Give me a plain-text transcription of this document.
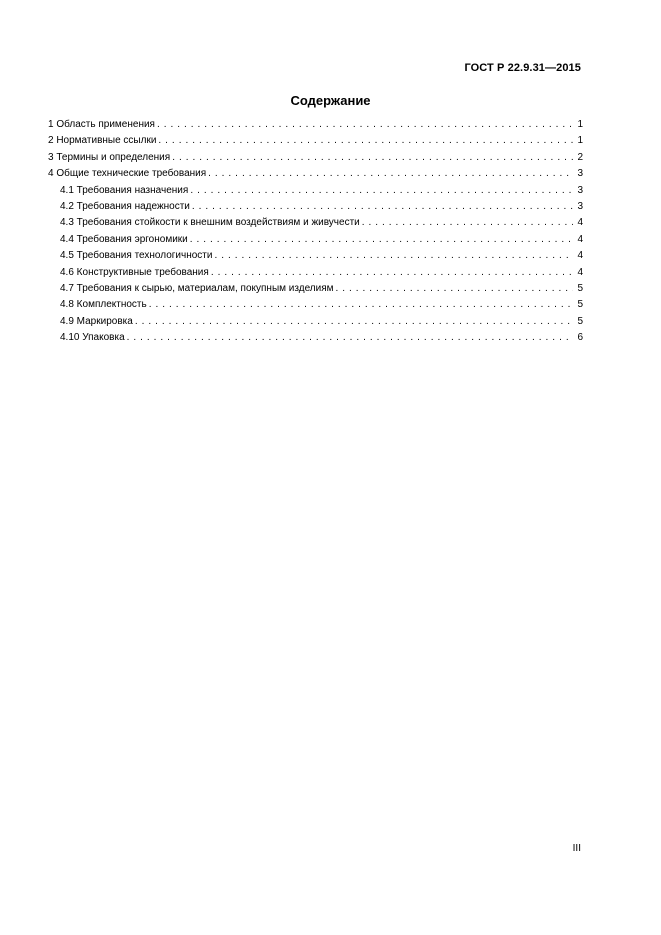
ГОСТ Р 22.9.31—2015
Содержание
1 Область применения . . .	1
2 Нормативные ссылки . . .	1
3 Термины и определения . . .	2
4 Общие технические требования . . .	3
4.1 Требования назначения . . .	3
4.2 Требования надежности . . .	3
4.3 Требования стойкости к внешним воздействиям и живучести . . .	4
4.4 Требования эргономики . . .	4
4.5 Требования технологичности . . .	4
4.6 Конструктивные требования . . .	4
4.7 Требования к сырью, материалам, покупным изделиям . . .	5
4.8 Комплектность . . .	5
4.9 Маркировка . . .	5
4.10 Упаковка . . .	6
III
